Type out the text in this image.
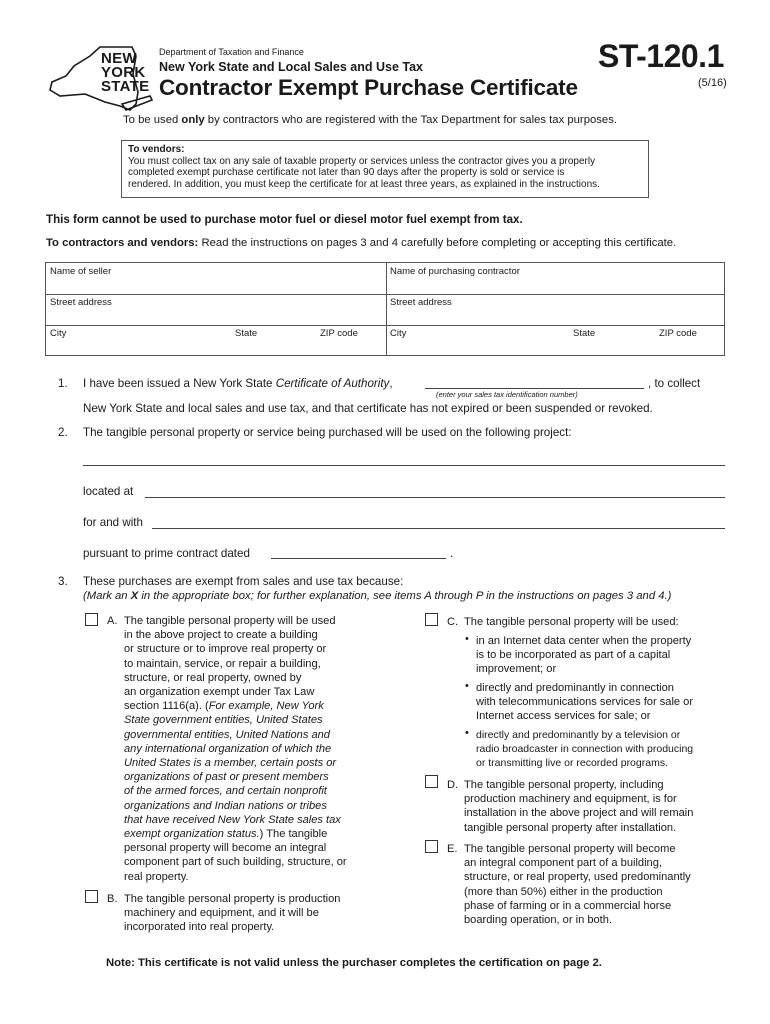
NEW
YORK
STATE
Department of Taxation and Finance
New York State and Local Sales and Use Tax
Contractor Exempt Purchase Certificate
ST-120.1
(5/16)
To be used only by contractors who are registered with the Tax Department for sales tax purposes.
To vendors:
You must collect tax on any sale of taxable property or services unless the contractor gives you a properly
completed exempt purchase certificate not later than 90 days after the property is sold or service is
rendered. In addition, you must keep the certificate for at least three years, as explained in the instructions.
This form cannot be used to purchase motor fuel or diesel motor fuel exempt from tax.
To contractors and vendors: Read the instructions on pages 3 and 4 carefully before completing or accepting this certificate.
Name of seller	Name of purchasing contractor
Street address	Street address
City	State	ZIP code	City	State	ZIP code
1. I have been issued a New York State Certificate of Authority,	, to collect
(enter your sales tax identification number)
New York State and local sales and use tax, and that certificate has not expired or been suspended or revoked.
2. The tangible personal property or service being purchased will be used on the following project:
located at
for and with
pursuant to prime contract dated	.
3. These purchases are exempt from sales and use tax because:
(Mark an X in the appropriate box; for further explanation, see items A through P in the instructions on pages 3 and 4.)
A. The tangible personal property will be used
in the above project to create a building
or structure or to improve real property or
to maintain, service, or repair a building,
structure, or real property, owned by
an organization exempt under Tax Law
section 1116(a). (For example, New York
State government entities, United States
governmental entities, United Nations and
any international organization of which the
United States is a member, certain posts or
organizations of past or present members
of the armed forces, and certain nonprofit
organizations and Indian nations or tribes
that have received New York State sales tax
exempt organization status.) The tangible
personal property will become an integral
component part of such building, structure, or
real property.
B. The tangible personal property is production
machinery and equipment, and it will be
incorporated into real property.
C. The tangible personal property will be used:
• in an Internet data center when the property
is to be incorporated as part of a capital
improvement; or
• directly and predominantly in connection
with telecommunications services for sale or
Internet access services for sale; or
• directly and predominantly by a television or
radio broadcaster in connection with producing
or transmitting live or recorded programs.
D. The tangible personal property, including
production machinery and equipment, is for
installation in the above project and will remain
tangible personal property after installation.
E. The tangible personal property will become
an integral component part of a building,
structure, or real property, used predominantly
(more than 50%) either in the production
phase of farming or in a commercial horse
boarding operation, or in both.
Note: This certificate is not valid unless the purchaser completes the certification on page 2.
